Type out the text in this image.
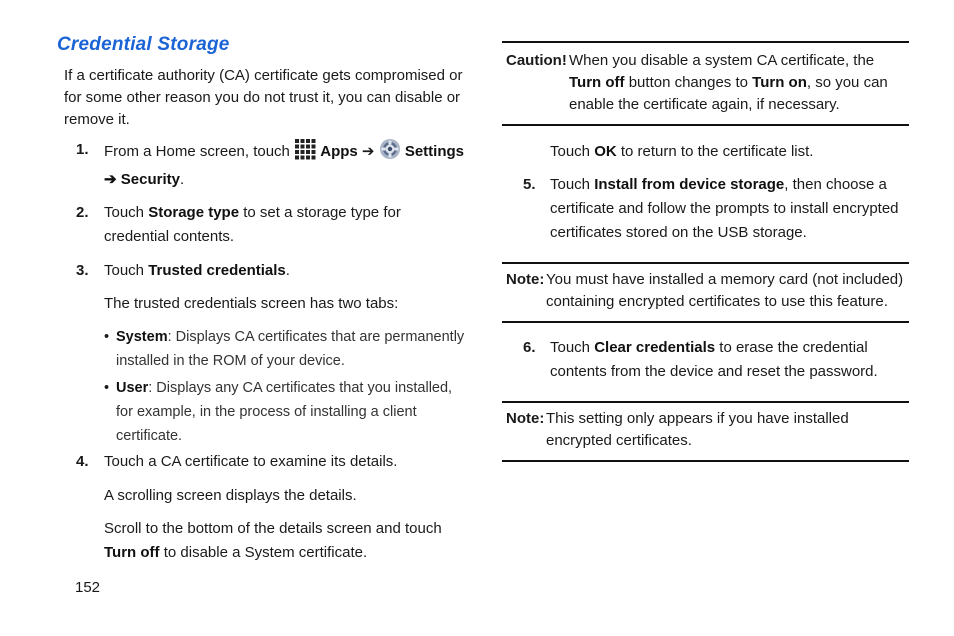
Credential Storage

If a certificate authority (CA) certificate gets compromised or for some other reason you do not trust it, you can disable or remove it.

1. From a Home screen, touch  Apps ➔  Settings
➔ Security.
2. Touch Storage type to set a storage type for credential contents.
3. Touch Trusted credentials.
The trusted credentials screen has two tabs:
• System: Displays CA certificates that are permanently installed in the ROM of your device.
• User: Displays any CA certificates that you installed, for example, in the process of installing a client certificate.
4. Touch a CA certificate to examine its details.
A scrolling screen displays the details.
Scroll to the bottom of the details screen and touch Turn off to disable a System certificate.
Caution! When you disable a system CA certificate, the Turn off button changes to Turn on, so you can enable the certificate again, if necessary.
Touch OK to return to the certificate list.
5. Touch Install from device storage, then choose a certificate and follow the prompts to install encrypted certificates stored on the USB storage.
Note: You must have installed a memory card (not included) containing encrypted certificates to use this feature.
6. Touch Clear credentials to erase the credential contents from the device and reset the password.
Note: This setting only appears if you have installed encrypted certificates.
152
